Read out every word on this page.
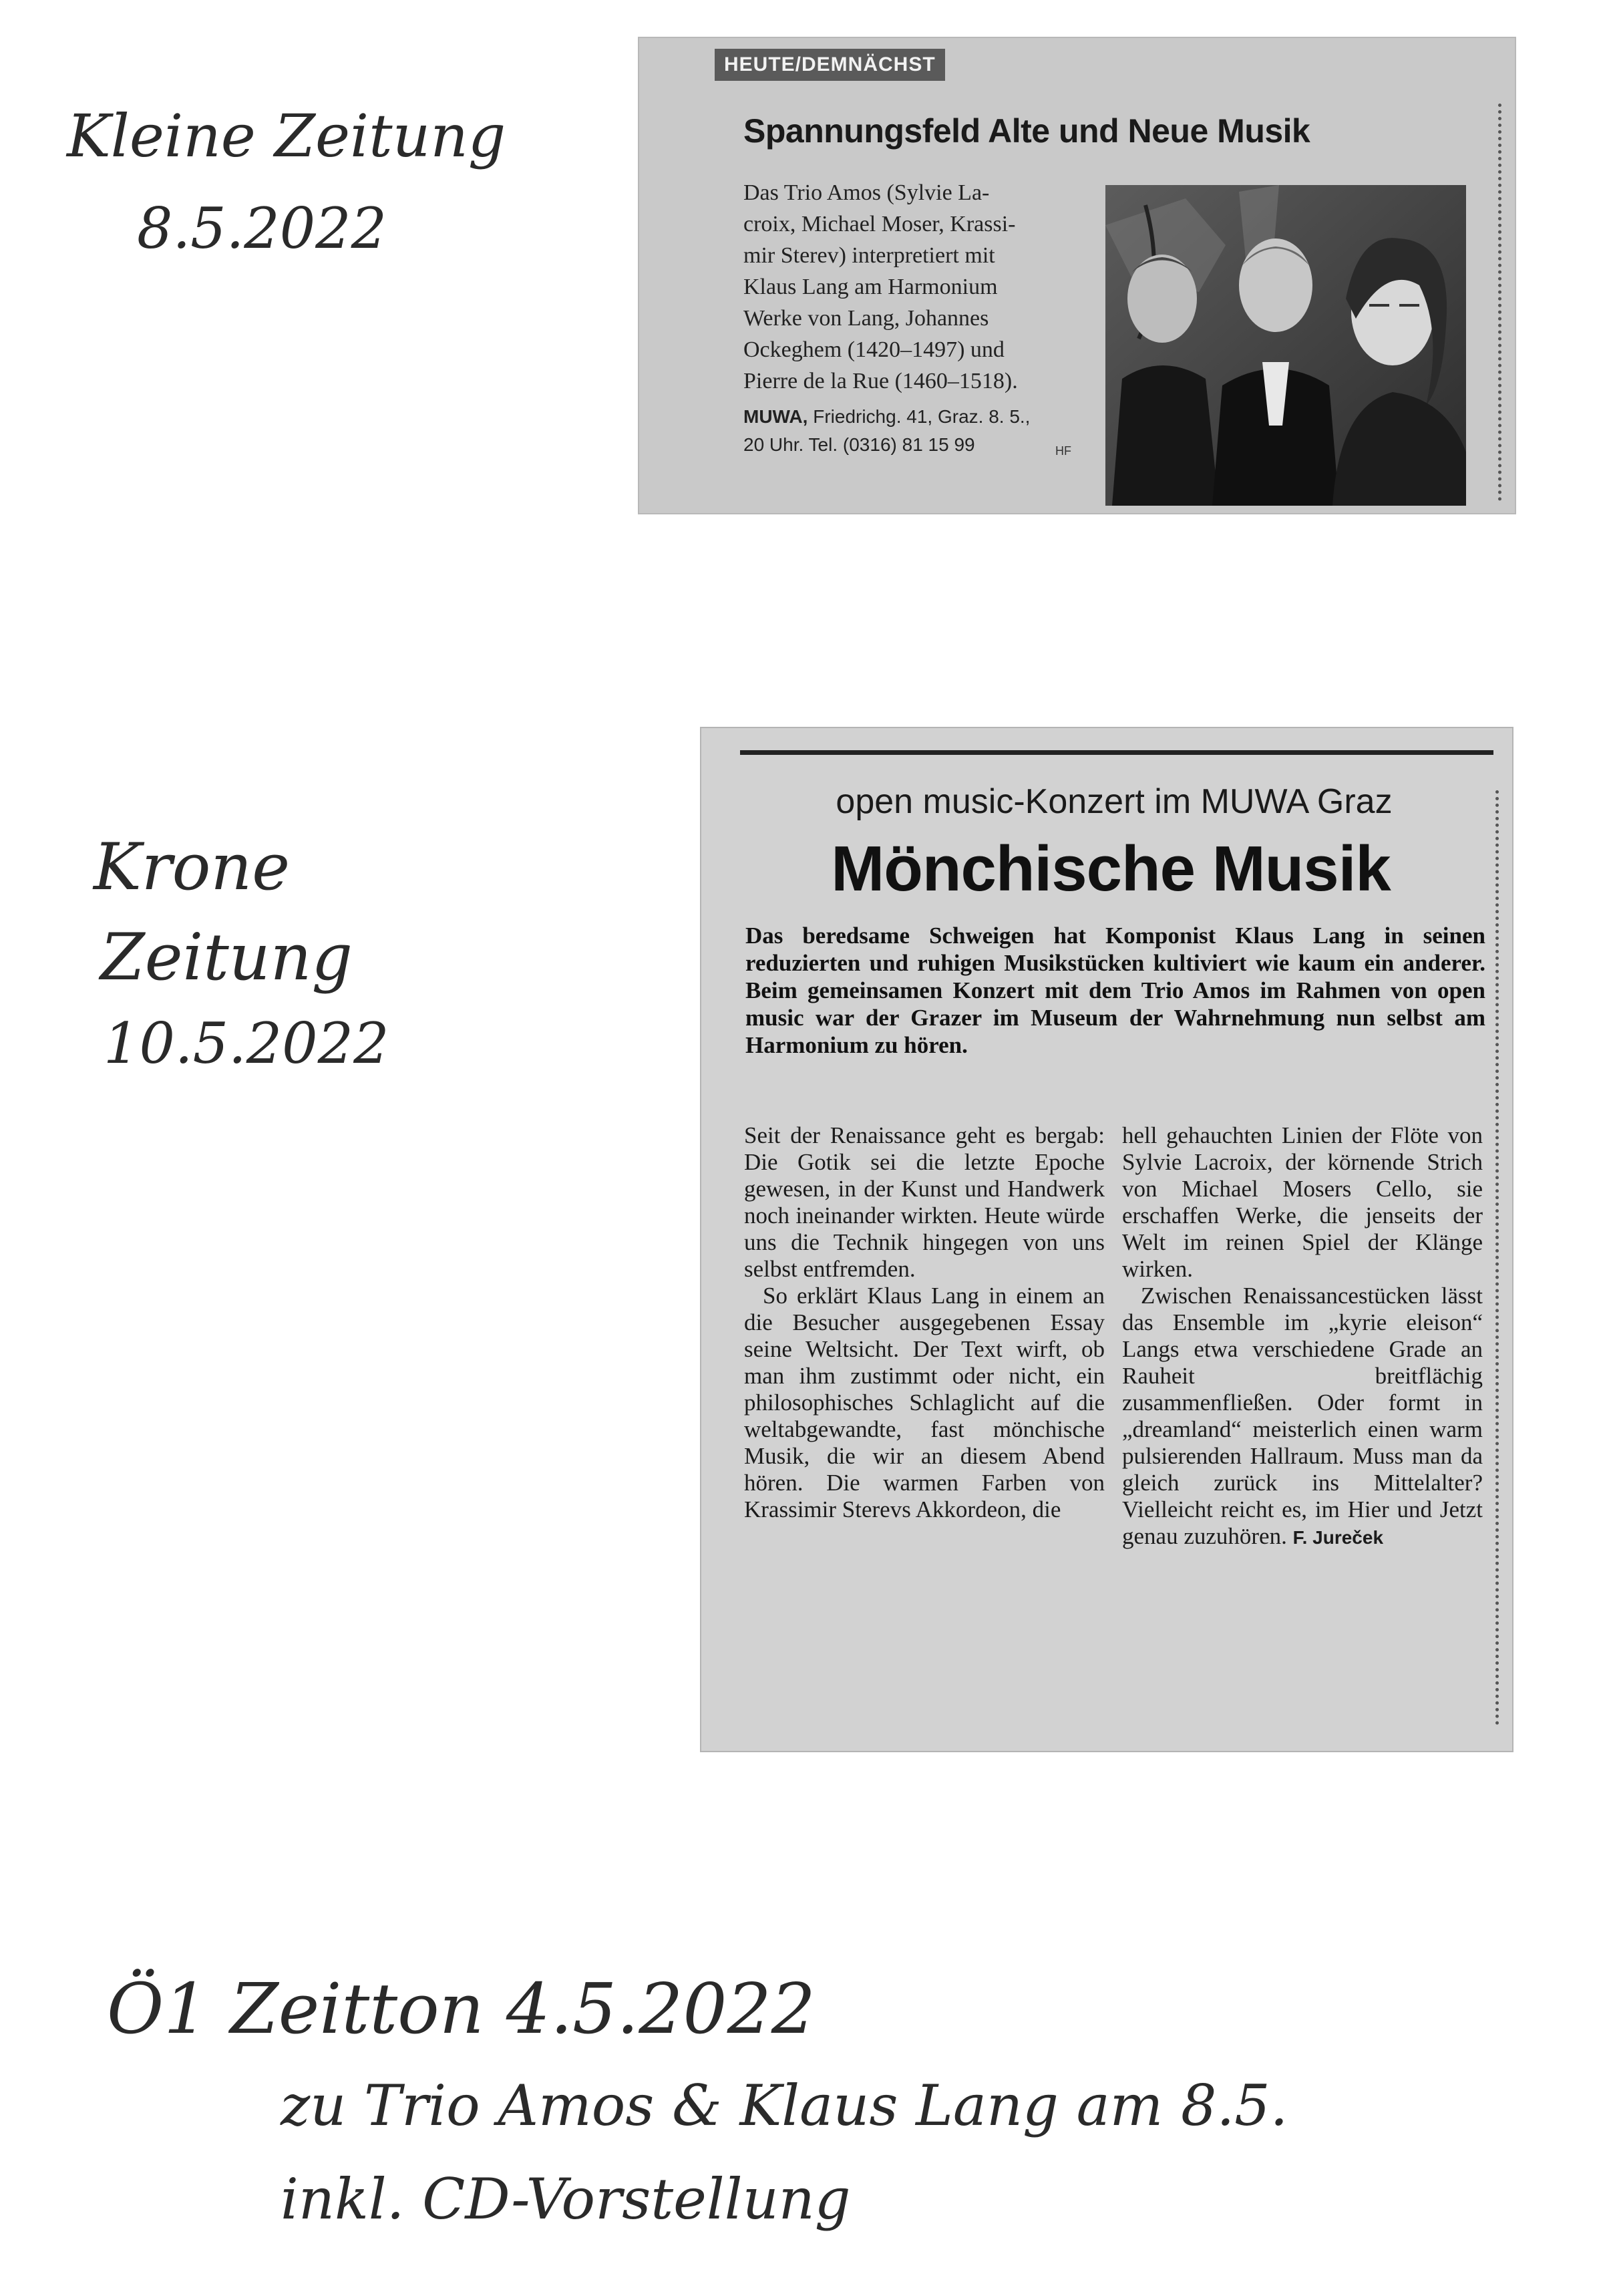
Kleine Zeitung
8.5.2022
HEUTE/DEMNÄCHST
Spannungsfeld Alte und Neue Musik

Das Trio Amos (Sylvie La-

croix, Michael Moser, Krassi-

mir Sterev) interpretiert mit

Klaus Lang am Harmonium

Werke von Lang, Johannes

Ockeghem (1420–1497) und

Pierre de la Rue (1460–1518).

MUWA, Friedrichg. 41, Graz. 8. 5.,
20 Uhr. Tel. (0316) 81 15 99	HF
Krone
Zeitung
10.5.2022
open music-Konzert im MUWA Graz
Mönchische Musik
Das beredsame Schweigen hat Komponist Klaus Lang in seinen reduzierten und ruhigen Musikstücken kultiviert wie kaum ein anderer. Beim gemeinsamen Konzert mit dem Trio Amos im Rahmen von open music war der Grazer im Museum der Wahrnehmung nun selbst am Harmonium zu hören.

Seit der Renaissance geht es bergab: Die Gotik sei die letzte Epoche gewesen, in der Kunst und Handwerk noch ineinander wirkten. Heute würde uns die Technik hingegen von uns selbst entfremden.

So erklärt Klaus Lang in einem an die Besucher ausgegebenen Essay seine Weltsicht. Der Text wirft, ob man ihm zustimmt oder nicht, ein philosophisches Schlaglicht auf die weltabgewandte, fast mönchische Musik, die wir an diesem Abend hören. Die warmen Farben von Krassimir Sterevs Akkordeon, die

hell gehauchten Linien der Flöte von Sylvie Lacroix, der körnende Strich von Michael Mosers Cello, sie erschaffen Werke, die jenseits der Welt im reinen Spiel der Klänge wirken.

Zwischen Renaissancestücken lässt das Ensemble im „kyrie eleison“ Langs etwa verschiedene Grade an Rauheit breitflächig zusammenfließen. Oder formt in „dreamland“ meisterlich einen warm pulsierenden Hallraum. Muss man da gleich zurück ins Mittelalter? Vielleicht reicht es, im Hier und Jetzt genau zuzuhören. F. Jureček

Ö1 Zeitton 4.5.2022
zu Trio Amos & Klaus Lang am 8.5.
inkl. CD-Vorstellung
